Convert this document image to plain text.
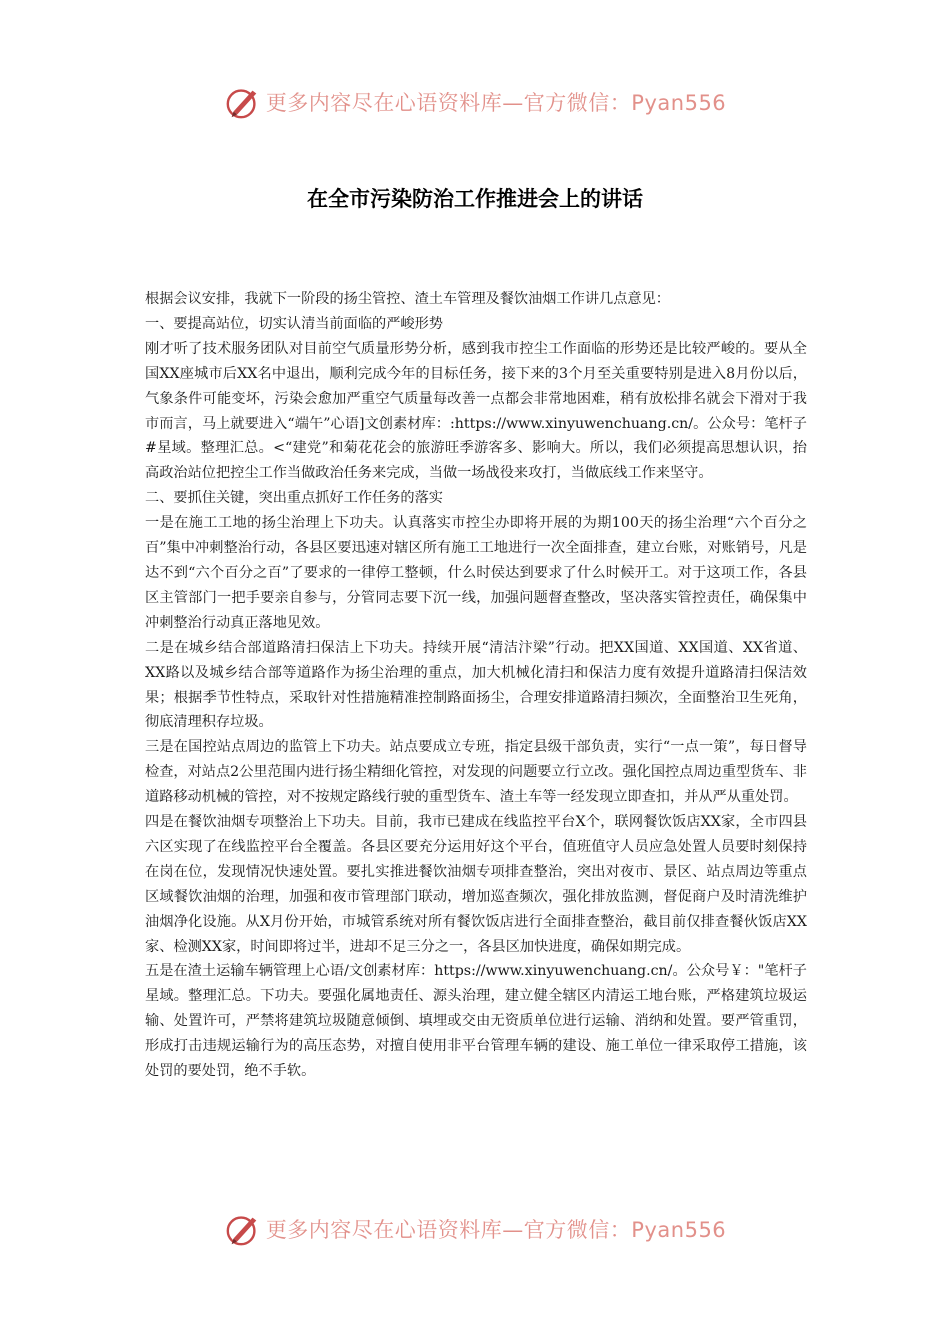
更多内容尽在心语资料库—官方微信：Pyan556
在全市污染防治工作推进会上的讲话

根据会议安排，我就下一阶段的扬尘管控、渣土车管理及餐饮油烟工作讲几点意见：

一、要提高站位，切实认清当前面临的严峻形势

刚才听了技术服务团队对目前空气质量形势分析，感到我市控尘工作面临的形势还是比较严峻的。要从全国XX座城市后XX名中退出，顺利完成今年的目标任务，接下来的3个月至关重要特别是进入8月份以后，气象条件可能变坏，污染会愈加严重空气质量每改善一点都会非常地困难，稍有放松排名就会下滑对于我市而言，马上就要进入“端午”心语]文创素材库：:https://www.xinyuwenchuang.cn/。公众号：笔杆子#星域。整理汇总。<“建党”和菊花花会的旅游旺季游客多、影响大。所以，我们必须提高思想认识，抬高政治站位把控尘工作当做政治任务来完成，当做一场战役来攻打，当做底线工作来坚守。

二、要抓住关键，突出重点抓好工作任务的落实

一是在施工工地的扬尘治理上下功夫。认真落实市控尘办即将开展的为期100天的扬尘治理“六个百分之百”集中冲刺整治行动，各县区要迅速对辖区所有施工工地进行一次全面排查，建立台账，对账销号，凡是达不到“六个百分之百”了要求的一律停工整顿，什么时侯达到要求了什么时候开工。对于这项工作，各县区主管部门一把手要亲自参与，分管同志要下沉一线，加强问题督查整改，坚决落实管控责任，确保集中冲刺整治行动真正落地见效。

二是在城乡结合部道路清扫保洁上下功夫。持续开展“清洁汴梁”行动。把XX国道、XX国道、XX省道、XX路以及城乡结合部等道路作为扬尘治理的重点，加大机械化清扫和保洁力度有效提升道路清扫保洁效果；根据季节性特点，采取针对性措施精准控制路面扬尘，合理安排道路清扫频次，全面整治卫生死角，彻底清理积存垃圾。

三是在国控站点周边的监管上下功夫。站点要成立专班，指定县级干部负责，实行“一点一策”，每日督导检查，对站点2公里范围内进行扬尘精细化管控，对发现的问题要立行立改。强化国控点周边重型货车、非道路移动机械的管控，对不按规定路线行驶的重型货车、渣土车等一经发现立即查扣，并从严从重处罚。

四是在餐饮油烟专项整治上下功夫。目前，我市已建成在线监控平台X个，联网餐饮饭店XX家，全市四县六区实现了在线监控平台全覆盖。各县区要充分运用好这个平台，值班值守人员应急处置人员要时刻保持在岗在位，发现情况快速处置。要扎实推进餐饮油烟专项排查整治，突出对夜市、景区、站点周边等重点区域餐饮油烟的治理，加强和夜市管理部门联动，增加巡查频次，强化排放监测，督促商户及时清洗维护油烟净化设施。从X月份开始，市城管系统对所有餐饮饭店进行全面排查整治，截目前仅排查餐伙饭店XX家、检测XX家，时间即将过半，进却不足三分之一，各县区加快进度，确保如期完成。

五是在渣土运输车辆管理上心语/文创素材库：https://www.xinyuwenchuang.cn/。公众号￥："笔杆子星域。整理汇总。下功夫。要强化属地责任、源头治理，建立健全辖区内清运工地台账，严格建筑垃圾运输、处置许可，严禁将建筑垃圾随意倾倒、填埋或交由无资质单位进行运输、消纳和处置。要严管重罚，形成打击违规运输行为的高压态势，对擅自使用非平台管理车辆的建设、施工单位一律采取停工措施，该处罚的要处罚，绝不手软。

更多内容尽在心语资料库—官方微信：Pyan556
